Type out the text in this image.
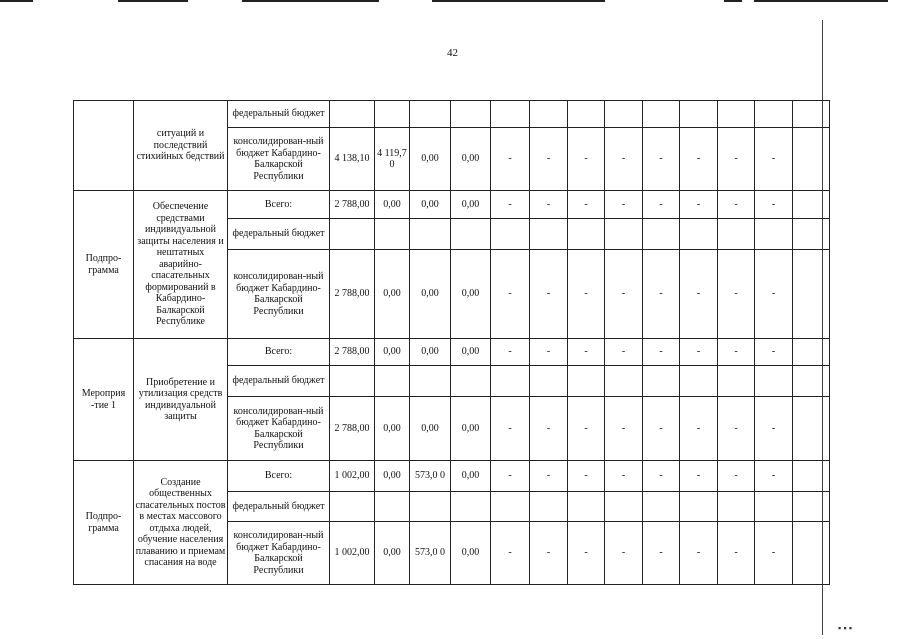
42
	ситуаций и последствий стихийных бедствий	федеральный бюджет													
		консолидирован-ный бюджет Кабардино-Балкарской Республики	4 138,10	4 119,7 0	0,00	0,00	-	-	-	-	-	-	-	-	
Подпро-грамма	Обеспечение средствами индивидуальной защиты населения и нештатных аварийно-спасательных формирований в Кабардино-Балкарской Республике	Всего:	2 788,00	0,00	0,00	0,00	-	-	-	-	-	-	-	-	
		федеральный бюджет													
		консолидирован-ный бюджет Кабардино-Балкарской Республики	2 788,00	0,00	0,00	0,00	-	-	-	-	-	-	-	-	
Мероприя -тие 1	Приобретение и утилизация средств индивидуальной защиты	Всего:	2 788,00	0,00	0,00	0,00	-	-	-	-	-	-	-	-	
		федеральный бюджет													
		консолидирован-ный бюджет Кабардино-Балкарской Республики	2 788,00	0,00	0,00	0,00	-	-	-	-	-	-	-	-	
Подпро-грамма	Создание общественных спасательных постов в местах массового отдыха людей, обучение населения плаванию и приемам спасания на воде	Всего:	1 002,00	0,00	573,0 0	0,00	-	-	-	-	-	-	-	-	
		федеральный бюджет													
		консолидирован-ный бюджет Кабардино-Балкарской Республики	1 002,00	0,00	573,0 0	0,00	-	-	-	-	-	-	-	-	
▪ ▪ ▪
